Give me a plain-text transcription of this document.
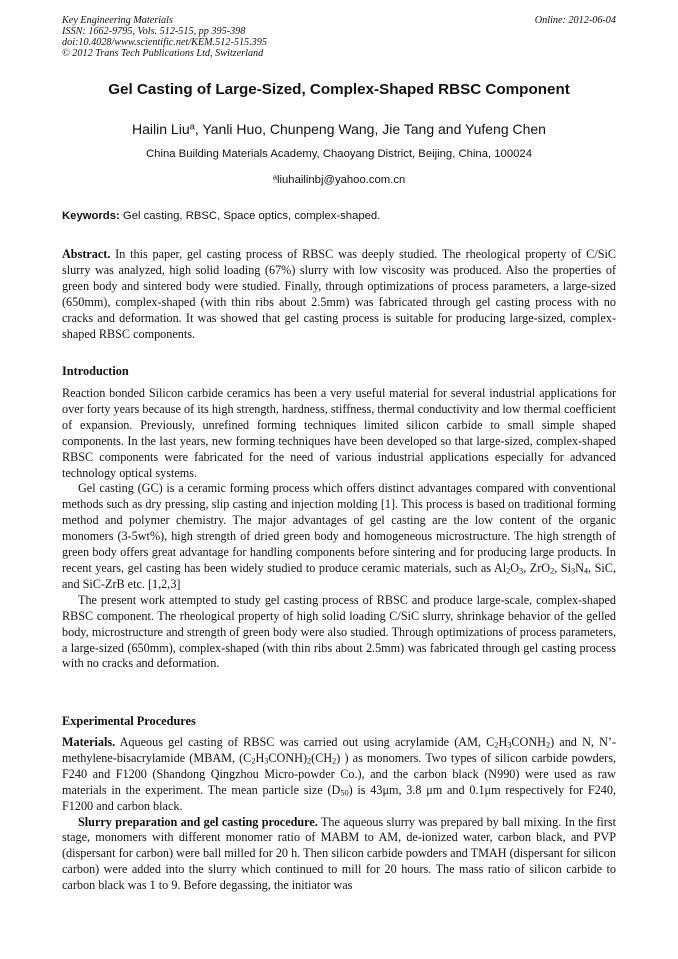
Key Engineering Materials
ISSN: 1662-9795, Vols. 512-515, pp 395-398
doi:10.4028/www.scientific.net/KEM.512-515.395
© 2012 Trans Tech Publications Ltd, Switzerland
Online: 2012-06-04
Gel Casting of Large-Sized, Complex-Shaped RBSC Component
Hailin Liu$^a$, Yanli Huo, Chunpeng Wang, Jie Tang and Yufeng Chen
China Building Materials Academy, Chaoyang District, Beijing, China, 100024
$^a$liuhailinbj@yahoo.com.cn
Keywords: Gel casting, RBSC, Space optics, complex-shaped.

Abstract. In this paper, gel casting process of RBSC was deeply studied. The rheological property of C/SiC slurry was analyzed, high solid loading (67%) slurry with low viscosity was produced. Also the properties of green body and sintered body were studied. Finally, through optimizations of process parameters, a large-sized (650mm), complex-shaped (with thin ribs about 2.5mm) was fabricated through gel casting process with no cracks and deformation. It was showed that gel casting process is suitable for producing large-sized, complex-shaped RBSC components.

Introduction

Reaction bonded Silicon carbide ceramics has been a very useful material for several industrial applications for over forty years because of its high strength, hardness, stiffness, thermal conductivity and low thermal coefficient of expansion. Previously, unrefined forming techniques limited silicon carbide to small simple shaped components. In the last years, new forming techniques have been developed so that large-sized, complex-shaped RBSC components were fabricated for the need of various industrial applications especially for advanced technology optical systems.

Gel casting (GC) is a ceramic forming process which offers distinct advantages compared with conventional methods such as dry pressing, slip casting and injection molding [1]. This process is based on traditional forming method and polymer chemistry. The major advantages of gel casting are the low content of the organic monomers (3-5wt%), high strength of dried green body and homogeneous microstructure. The high strength of green body offers great advantage for handling components before sintering and for producing large products. In recent years, gel casting has been widely studied to produce ceramic materials, such as $Al_2O_3$, ZrO$_2$, $Si_3N_4$, SiC, and SiC-ZrB etc. [1,2,3]

The present work attempted to study gel casting process of RBSC and produce large-scale, complex-shaped RBSC component. The rheological property of high solid loading C/SiC slurry, shrinkage behavior of the gelled body, microstructure and strength of green body were also studied. Through optimizations of process parameters, a large-sized (650mm), complex-shaped (with thin ribs about 2.5mm) was fabricated through gel casting process with no cracks and deformation.

Experimental Procedures

Materials. Aqueous gel casting of RBSC was carried out using acrylamide (AM, $C_2H_3CONH_2$) and N, N’- methylene-bisacrylamide (MBAM, $(C_2H_3CONH)_2(CH_2)$ ) as monomers. Two types of silicon carbide powders, F240 and F1200 (Shandong Qingzhou Micro-powder Co.), and the carbon black (N990) were used as raw materials in the experiment. The mean particle size $(D_{50})$ is 43μm, 3.8 μm and 0.1μm respectively for F240, F1200 and carbon black.

Slurry preparation and gel casting procedure. The aqueous slurry was prepared by ball mixing. In the first stage, monomers with different monomer ratio of MABM to AM, de-ionized water, carbon black, and PVP (dispersant for carbon) were ball milled for 20 h. Then silicon carbide powders and TMAH (dispersant for silicon carbon) were added into the slurry which continued to mill for 20 hours. The mass ratio of silicon carbide to carbon black was 1 to 9. Before degassing, the initiator was
